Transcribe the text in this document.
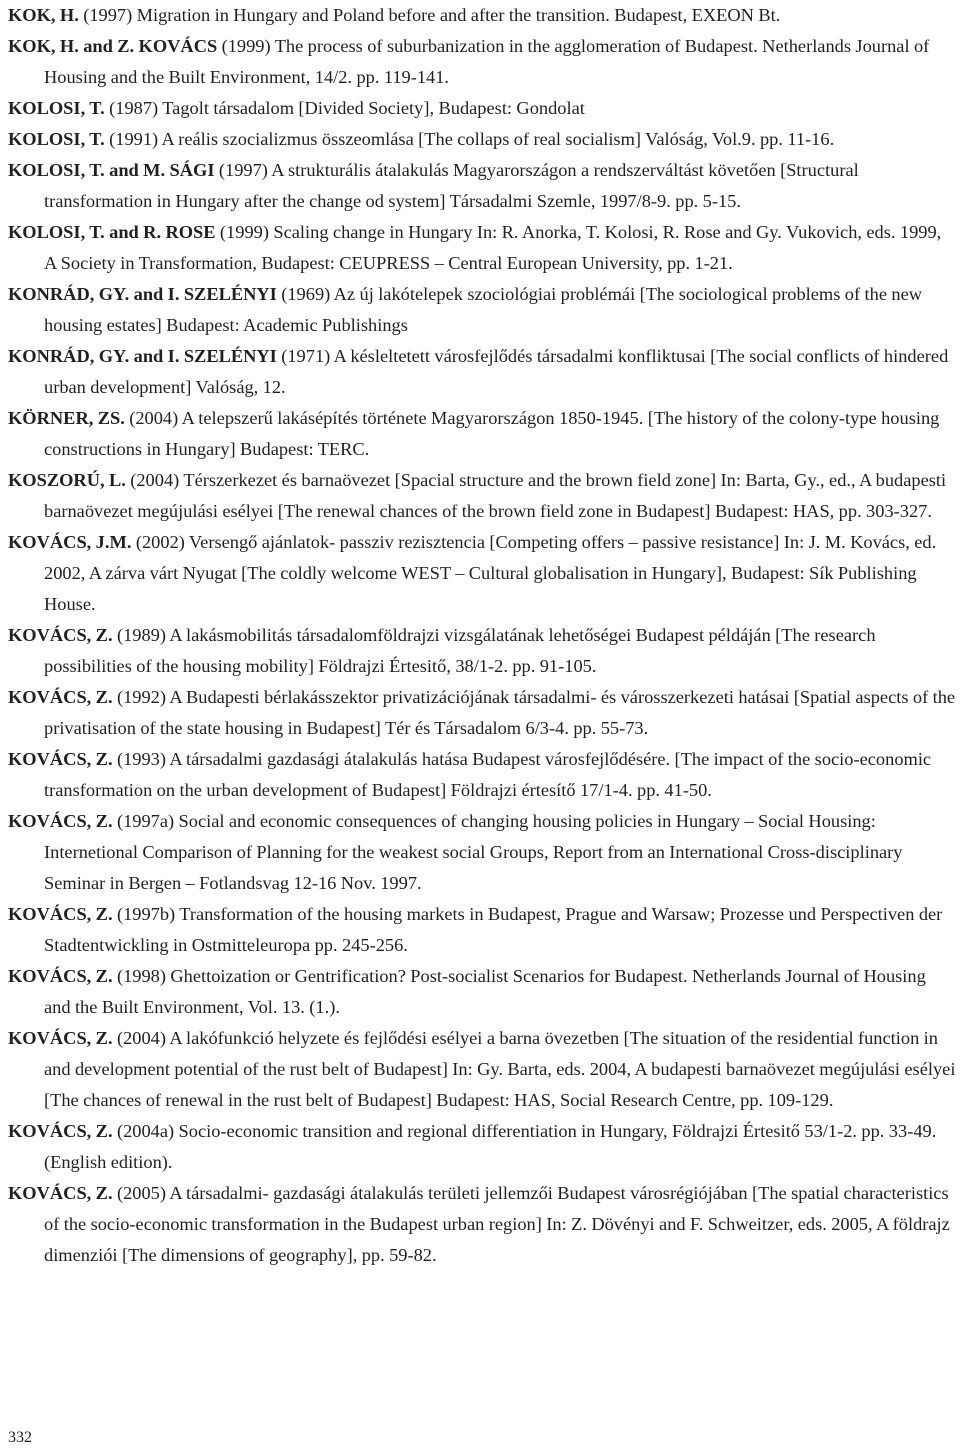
KOK, H. (1997) Migration in Hungary and Poland before and after the transition. Budapest, EXEON Bt.

KOK, H. and Z. KOVÁCS (1999) The process of suburbanization in the agglomeration of Budapest. Netherlands Journal of Housing and the Built Environment, 14/2. pp. 119-141.

KOLOSI, T. (1987) Tagolt társadalom [Divided Society], Budapest: Gondolat

KOLOSI, T. (1991) A reális szocializmus összeomlása [The collaps of real socialism] Valóság, Vol.9. pp. 11-16.

KOLOSI, T. and M. SÁGI (1997) A strukturális átalakulás Magyarországon a rendszerváltást követően [Structural transformation in Hungary after the change od system] Társadalmi Szemle, 1997/8-9. pp. 5-15.

KOLOSI, T. and R. ROSE (1999) Scaling change in Hungary In: R. Anorka, T. Kolosi, R. Rose and Gy. Vukovich, eds. 1999, A Society in Transformation, Budapest: CEUPRESS – Central European University, pp. 1-21.

KONRÁD, GY. and I. SZELÉNYI (1969) Az új lakótelepek szociológiai problémái [The sociological problems of the new housing estates] Budapest: Academic Publishings

KONRÁD, GY. and I. SZELÉNYI (1971) A késleltetett városfejlődés társadalmi konfliktusai [The social conflicts of hindered urban development] Valóság, 12.

KÖRNER, ZS. (2004) A telepszerű lakásépítés története Magyarországon 1850-1945. [The history of the colony-type housing constructions in Hungary] Budapest: TERC.

KOSZORÚ, L. (2004) Térszerkezet és barnaövezet [Spacial structure and the brown field zone] In: Barta, Gy., ed., A budapesti barnaövezet megújulási esélyei [The renewal chances of the brown field zone in Budapest] Budapest: HAS, pp. 303-327.

KOVÁCS, J.M. (2002) Versengő ajánlatok- passziv rezisztencia [Competing offers – passive resistance] In: J. M. Kovács, ed. 2002, A zárva várt Nyugat [The coldly welcome WEST – Cultural globalisation in Hungary], Budapest: Sík Publishing House.

KOVÁCS, Z. (1989) A lakásmobilitás társadalomföldrajzi vizsgálatának lehetőségei Budapest példáján [The research possibilities of the housing mobility] Földrajzi Értesitő, 38/1-2. pp. 91-105.

KOVÁCS, Z. (1992) A Budapesti bérlakásszektor privatizációjának társadalmi- és városszerkezeti hatásai [Spatial aspects of the privatisation of the state housing in Budapest] Tér és Társadalom 6/3-4. pp. 55-73.

KOVÁCS, Z. (1993) A társadalmi gazdasági átalakulás hatása Budapest városfejlődésére. [The impact of the socio-economic transformation on the urban development of Budapest] Földrajzi értesítő 17/1-4. pp. 41-50.

KOVÁCS, Z. (1997a) Social and economic consequences of changing housing policies in Hungary – Social Housing: Internetional Comparison of Planning for the weakest social Groups, Report from an International Cross-disciplinary Seminar in Bergen – Fotlandsvag 12-16 Nov. 1997.

KOVÁCS, Z. (1997b) Transformation of the housing markets in Budapest, Prague and Warsaw; Prozesse und Perspectiven der Stadtentwickling in Ostmitteleuropa pp. 245-256.

KOVÁCS, Z. (1998) Ghettoization or Gentrification? Post-socialist Scenarios for Budapest. Netherlands Journal of Housing and the Built Environment, Vol. 13. (1.).

KOVÁCS, Z. (2004) A lakófunkció helyzete és fejlődési esélyei a barna övezetben [The situation of the residential function in and development potential of the rust belt of Budapest] In: Gy. Barta, eds. 2004, A budapesti barnaövezet megújulási esélyei [The chances of renewal in the rust belt of Budapest] Budapest: HAS, Social Research Centre, pp. 109-129.

KOVÁCS, Z. (2004a) Socio-economic transition and regional differentiation in Hungary, Földrajzi Értesitő 53/1-2. pp. 33-49. (English edition).

KOVÁCS, Z. (2005) A társadalmi- gazdasági átalakulás területi jellemzői Budapest városrégiójában [The spatial characteristics of the socio-economic transformation in the Budapest urban region] In: Z. Dövényi and F. Schweitzer, eds. 2005, A földrajz dimenziói [The dimensions of geography], pp. 59-82.

332
